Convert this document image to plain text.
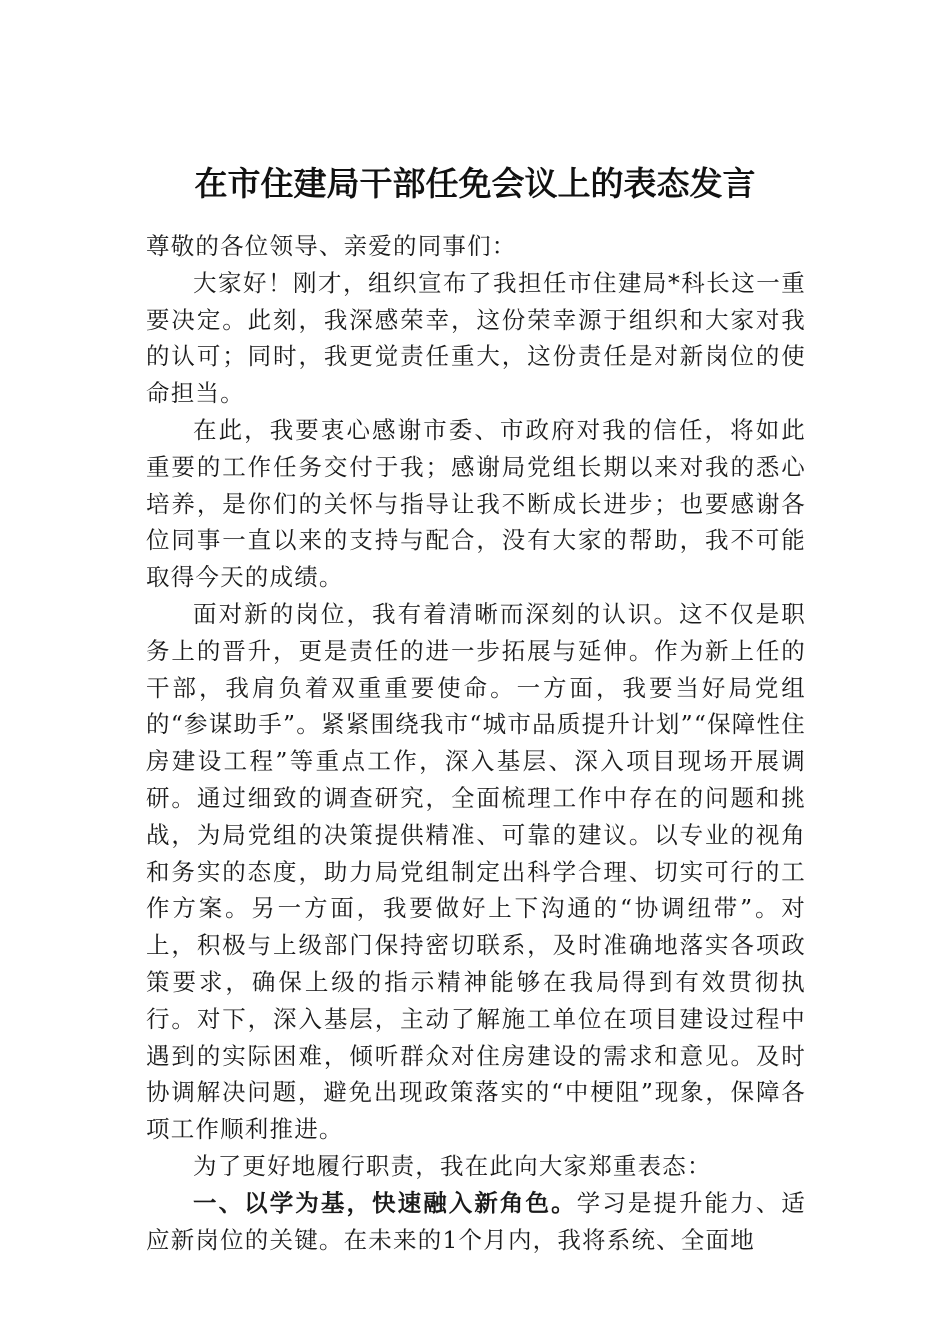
在市住建局干部任免会议上的表态发言

尊敬的各位领导、亲爱的同事们：

大家好！刚才，组织宣布了我担任市住建局*科长这一重要决定。此刻，我深感荣幸，这份荣幸源于组织和大家对我的认可；同时，我更觉责任重大，这份责任是对新岗位的使命担当。

在此，我要衷心感谢市委、市政府对我的信任，将如此重要的工作任务交付于我；感谢局党组长期以来对我的悉心培养，是你们的关怀与指导让我不断成长进步；也要感谢各位同事一直以来的支持与配合，没有大家的帮助，我不可能取得今天的成绩。

面对新的岗位，我有着清晰而深刻的认识。这不仅是职务上的晋升，更是责任的进一步拓展与延伸。作为新上任的干部，我肩负着双重重要使命。一方面，我要当好局党组的“参谋助手”。紧紧围绕我市“城市品质提升计划”“保障性住房建设工程”等重点工作，深入基层、深入项目现场开展调研。通过细致的调查研究，全面梳理工作中存在的问题和挑战，为局党组的决策提供精准、可靠的建议。以专业的视角和务实的态度，助力局党组制定出科学合理、切实可行的工作方案。另一方面，我要做好上下沟通的“协调纽带”。对上，积极与上级部门保持密切联系，及时准确地落实各项政策要求，确保上级的指示精神能够在我局得到有效贯彻执行。对下，深入基层，主动了解施工单位在项目建设过程中遇到的实际困难，倾听群众对住房建设的需求和意见。及时协调解决问题，避免出现政策落实的“中梗阻”现象，保障各项工作顺利推进。

为了更好地履行职责，我在此向大家郑重表态：

一、以学为基，快速融入新角色。学习是提升能力、适应新岗位的关键。在未来的1个月内，我将系统、全面地
